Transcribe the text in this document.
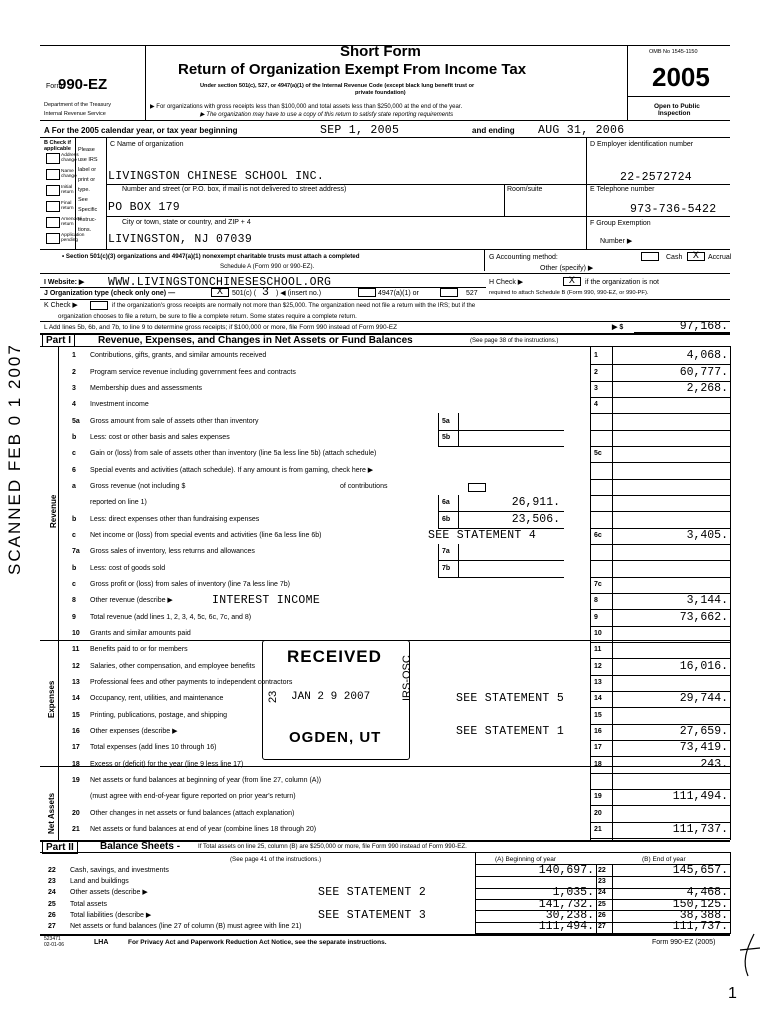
Form
990-EZ
Department of the Treasury
Internal Revenue Service
Short Form
Return of Organization Exempt From Income Tax
Under section 501(c), 527, or 4947(a)(1) of the Internal Revenue Code (except black lung benefit trust or
private foundation)
▶ For organizations with gross receipts less than $100,000 and total assets less than $250,000 at the end of the year.
▶ The organization may have to use a copy of this return to satisfy state reporting requirements
OMB No 1545-1150
2005
Open to Public
Inspection
A For the 2005 calendar year, or tax year beginning	SEP 1, 2005	and ending AUG 31, 2006
B Check if applicable
Address change
Name change
Initial return
Final return
Amended return
Application pending
Please
use IRS
label or
print or
type.
See
Specific
Instruc-
tions.
C Name of organization
LIVINGSTON CHINESE SCHOOL INC.
Number and street (or P.O. box, if mail is not delivered to street address)	Room/suite
PO BOX 179
City or town, state or country, and ZIP + 4
LIVINGSTON, NJ 07039
D Employer identification number
22-2572724
E Telephone number
973-736-5422
F Group Exemption
Number ▶
• Section 501(c)(3) organizations and 4947(a)(1) nonexempt charitable trusts must attach a completed
Schedule A (Form 990 or 990-EZ).
G Accounting method:	Cash	X	Accrual
Other (specify) ▶
I Website: ▶ WWW.LIVINGSTONCHINESESCHOOL.ORG	H Check ▶	X	if the organization is not
required to attach Schedule B (Form 990, 990-EZ, or 990-PF).
J Organization type (check only one) —	X	501(c) ( 3 ) ◀ (insert no.)	4947(a)(1) or	527
K Check ▶	if the organization's gross receipts are normally not more than $25,000. The organization need not file a return with the IRS; but if the
organization chooses to file a return, be sure to file a complete return. Some states require a complete return.
L Add lines 5b, 6b, and 7b, to line 9 to determine gross receipts; if $100,000 or more, file Form 990 instead of Form 990-EZ	▶ $	97,168.
Part I	Revenue, Expenses, and Changes in Net Assets or Fund Balances	(See page 38 of the instructions.)
1 Contributions, gifts, grants, and similar amounts received	1	4,068.
2 Program service revenue including government fees and contracts	2	60,777.
3 Membership dues and assessments	3	2,268.
4 Investment income	4
5a Gross amount from sale of assets other than inventory	5a
b Less: cost or other basis and sales expenses	5b
c Gain or (loss) from sale of assets other than inventory (line 5a less line 5b) (attach schedule)	5c
6 Special events and activities (attach schedule). If any amount is from gaming, check here ▶
a Gross revenue (not including $	of contributions
reported on line 1)	6a	26,911.
b Less: direct expenses other than fundraising expenses	6b	23,506.
c Net income or (loss) from special events and activities (line 6a less line 6b)	SEE STATEMENT 4	6c	3,405.
7a Gross sales of inventory, less returns and allowances	7a
b Less: cost of goods sold	7b
c Gross profit or (loss) from sales of inventory (line 7a less line 7b)	7c
8 Other revenue (describe ▶	INTEREST INCOME	8	3,144.
9 Total revenue (add lines 1, 2, 3, 4, 5c, 6c, 7c, and 8)	9	73,662.
10 Grants and similar amounts paid	10
11 Benefits paid to or for members	11
12 Salaries, other compensation, and employee benefits	12	16,016.
13 Professional fees and other payments to independent contractors	13
14 Occupancy, rent, utilities, and maintenance	SEE STATEMENT 5	14	29,744.
15 Printing, publications, postage, and shipping	15
16 Other expenses (describe ▶	SEE STATEMENT 1	16	27,659.
17 Total expenses (add lines 10 through 16)	17	73,419.
18 Excess or (deficit) for the year (line 9 less line 17)	18	243.
19 Net assets or fund balances at beginning of year (from line 27, column (A))
(must agree with end-of-year figure reported on prior year's return)	19	111,494.
20 Other changes in net assets or fund balances (attach explanation)	20
21 Net assets or fund balances at end of year (combine lines 18 through 20)	21	111,737.
Revenue
Expenses
Net Assets
Part II	Balance Sheets -	If Total assets on line 25, column (B) are $250,000 or more, file Form 990 instead of Form 990-EZ.
(See page 41 of the instructions.)	(A) Beginning of year	(B) End of year
22 Cash, savings, and investments	140,697. 22	145,657.
23 Land and buildings	23
24 Other assets (describe ▶	SEE STATEMENT 2	1,035. 24	4,468.
25 Total assets	141,732. 25	150,125.
26 Total liabilities (describe ▶	SEE STATEMENT 3	30,238. 26	38,388.
27 Net assets or fund balances (line 27 of column (B) must agree with line 21)	111,494. 27	111,737.
523471
02-01-06	LHA	For Privacy Act and Paperwork Reduction Act Notice, see the separate instructions.	Form 990-EZ (2005)
1
SCANNED FEB 0 1 2007
RECEIVED
JAN 2 9 2007
OGDEN, UT
IRS-OSC
23
